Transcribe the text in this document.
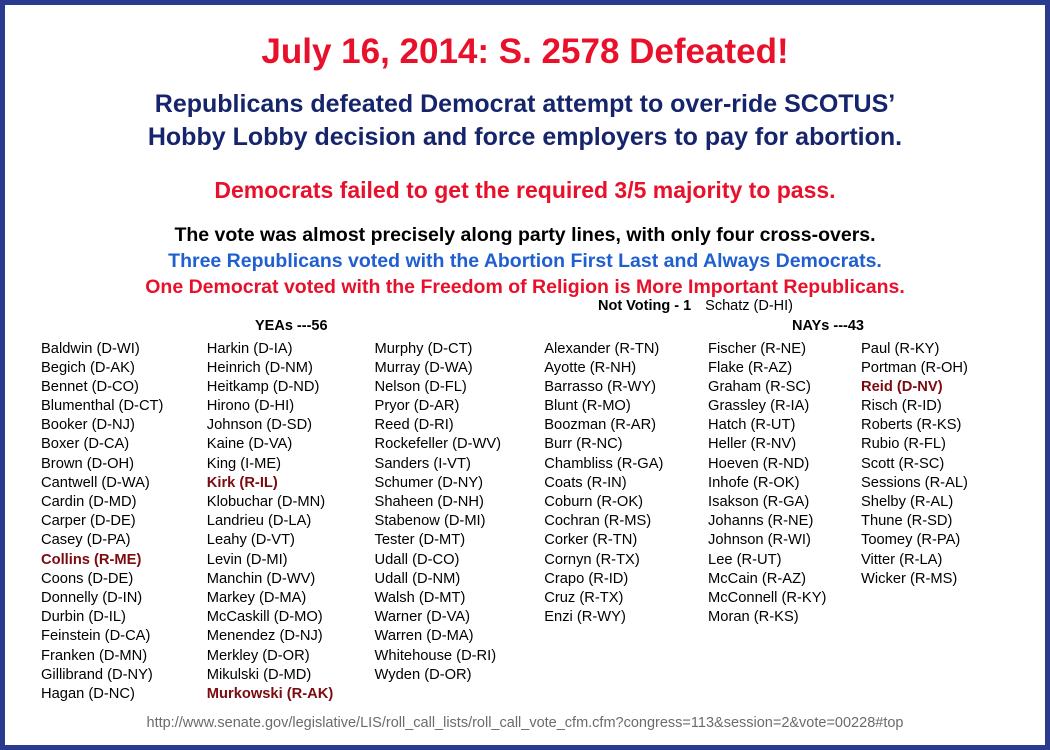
July 16, 2014: S. 2578 Defeated!
Republicans defeated Democrat attempt to over-ride SCOTUS’
Hobby Lobby decision and force employers to pay for abortion.
Democrats failed to get the required 3/5 majority to pass.
The vote was almost precisely along party lines, with only four cross-overs.
Three Republicans voted with the Abortion First Last and Always Democrats.
One Democrat voted with the Freedom of Religion is More Important Republicans.
YEAs ---56	NAYs ---43
Baldwin (D-WI)
Begich (D-AK)
Bennet (D-CO)
Blumenthal (D-CT)
Booker (D-NJ)
Boxer (D-CA)
Brown (D-OH)
Cantwell (D-WA)
Cardin (D-MD)
Carper (D-DE)
Casey (D-PA)
Collins (R-ME)
Coons (D-DE)
Donnelly (D-IN)
Durbin (D-IL)
Feinstein (D-CA)
Franken (D-MN)
Gillibrand (D-NY)
Hagan (D-NC)
Harkin (D-IA)
Heinrich (D-NM)
Heitkamp (D-ND)
Hirono (D-HI)
Johnson (D-SD)
Kaine (D-VA)
King (I-ME)
Kirk (R-IL)
Klobuchar (D-MN)
Landrieu (D-LA)
Leahy (D-VT)
Levin (D-MI)
Manchin (D-WV)
Markey (D-MA)
McCaskill (D-MO)
Menendez (D-NJ)
Merkley (D-OR)
Mikulski (D-MD)
Murkowski (R-AK)
Murphy (D-CT)
Murray (D-WA)
Nelson (D-FL)
Pryor (D-AR)
Reed (D-RI)
Rockefeller (D-WV)
Sanders (I-VT)
Schumer (D-NY)
Shaheen (D-NH)
Stabenow (D-MI)
Tester (D-MT)
Udall (D-CO)
Udall (D-NM)
Walsh (D-MT)
Warner (D-VA)
Warren (D-MA)
Whitehouse (D-RI)
Wyden (D-OR)
Alexander (R-TN)
Ayotte (R-NH)
Barrasso (R-WY)
Blunt (R-MO)
Boozman (R-AR)
Burr (R-NC)
Chambliss (R-GA)
Coats (R-IN)
Coburn (R-OK)
Cochran (R-MS)
Corker (R-TN)
Cornyn (R-TX)
Crapo (R-ID)
Cruz (R-TX)
Enzi (R-WY)
Fischer (R-NE)
Flake (R-AZ)
Graham (R-SC)
Grassley (R-IA)
Hatch (R-UT)
Heller (R-NV)
Hoeven (R-ND)
Inhofe (R-OK)
Isakson (R-GA)
Johanns (R-NE)
Johnson (R-WI)
Lee (R-UT)
McCain (R-AZ)
McConnell (R-KY)
Moran (R-KS)
Paul (R-KY)
Portman (R-OH)
Reid (D-NV)
Risch (R-ID)
Roberts (R-KS)
Rubio (R-FL)
Scott (R-SC)
Sessions (R-AL)
Shelby (R-AL)
Thune (R-SD)
Toomey (R-PA)
Vitter (R-LA)
Wicker (R-MS)
Not Voting - 1 Schatz (D-HI)
http://www.senate.gov/legislative/LIS/roll_call_lists/roll_call_vote_cfm.cfm?congress=113&session=2&vote=00228#top
